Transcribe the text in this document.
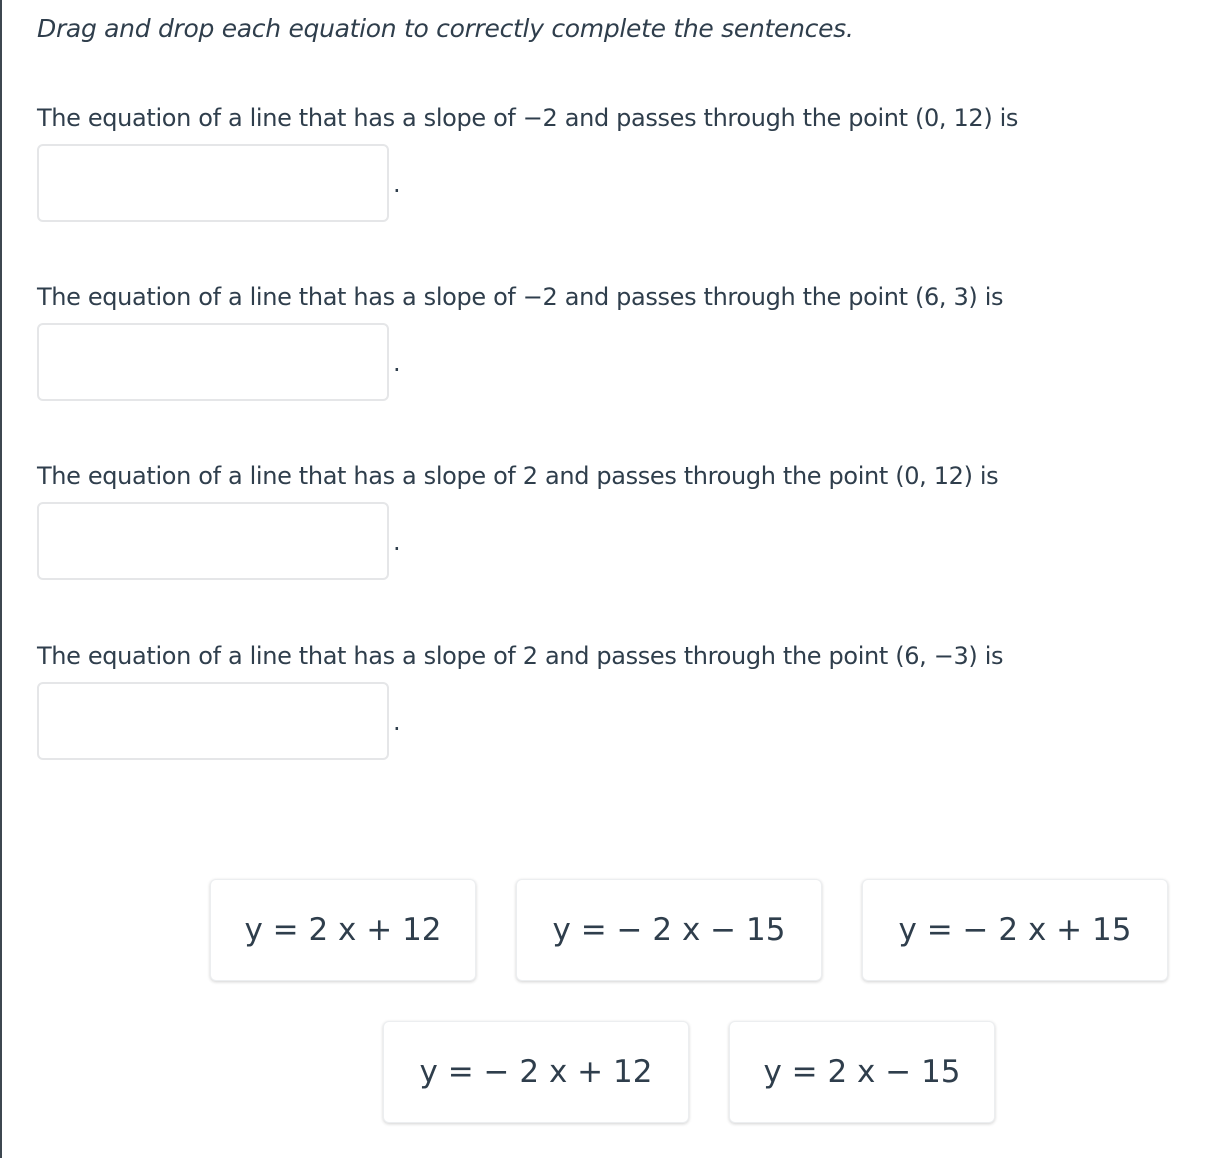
Drag and drop each equation to correctly complete the sentences.
The equation of a line that has a slope of −2 and passes through the point (0, 12) is
.
The equation of a line that has a slope of −2 and passes through the point (6, 3) is
.
The equation of a line that has a slope of 2 and passes through the point (0, 12) is
.
The equation of a line that has a slope of 2 and passes through the point (6, −3) is
.
y = 2 x + 12	y = − 2 x − 15	y = − 2 x + 15
y = − 2 x + 12	y = 2 x − 15
